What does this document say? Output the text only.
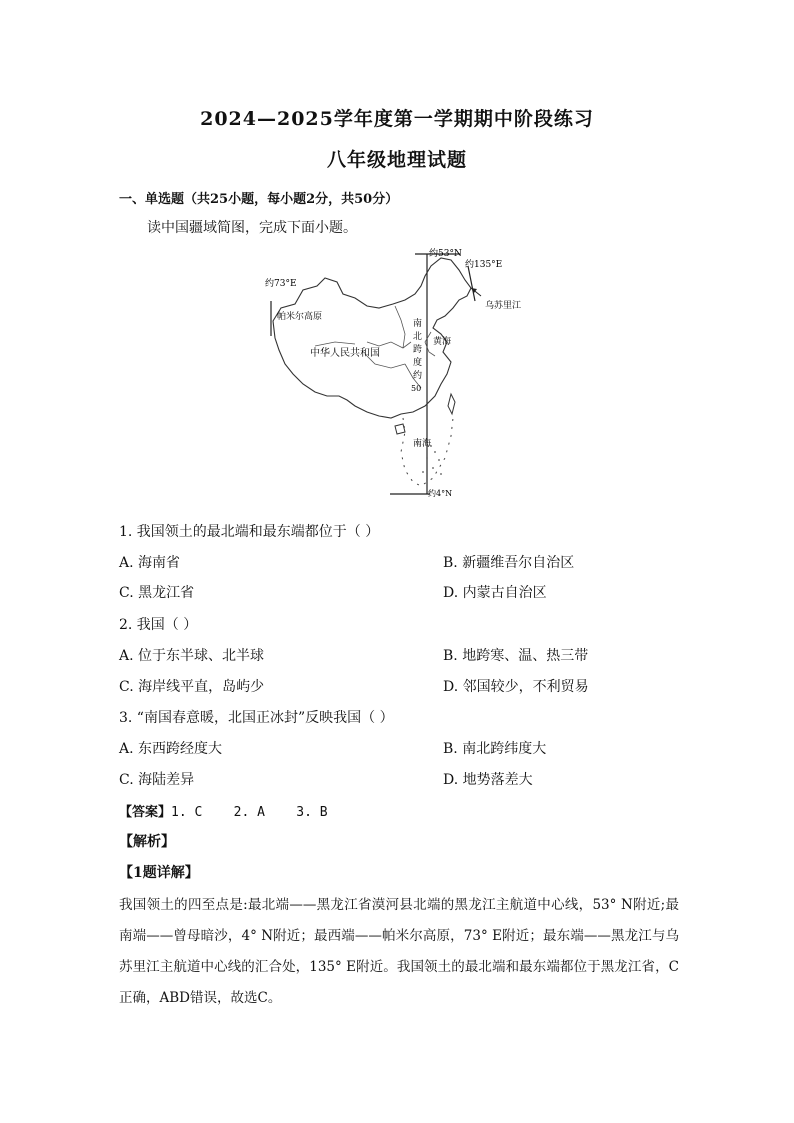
2024—2025学年度第一学期期中阶段练习
八年级地理试题
一、单选题（共25小题，每小题2分，共50分）
读中国疆域简图，完成下面小题。
约53°N
约135°E
约73°E
帕米尔高原
中华人民共和国
乌苏里江
黄海
南海
约4°N
南
北
跨
度
约
50
1. 我国领土的最北端和最东端都位于（ ）
A. 海南省	B. 新疆维吾尔自治区
C. 黑龙江省	D. 内蒙古自治区
2. 我国（ ）
A. 位于东半球、北半球	B. 地跨寒、温、热三带
C. 海岸线平直，岛屿少	D. 邻国较少，不利贸易
3. “南国春意暖，北国正冰封”反映我国（ ）
A. 东西跨经度大	B. 南北跨纬度大
C. 海陆差异	D. 地势落差大
【答案】1. C    2. A    3. B
【解析】
【1题详解】
我国领土的四至点是:最北端——黑龙江省漠河县北端的黑龙江主航道中心线，53° N附近;最南端——曾母暗沙，4° N附近；最西端——帕米尔高原，73° E附近；最东端——黑龙江与乌苏里江主航道中心线的汇合处，135° E附近。我国领土的最北端和最东端都位于黑龙江省，C正确，ABD错误，故选C。
